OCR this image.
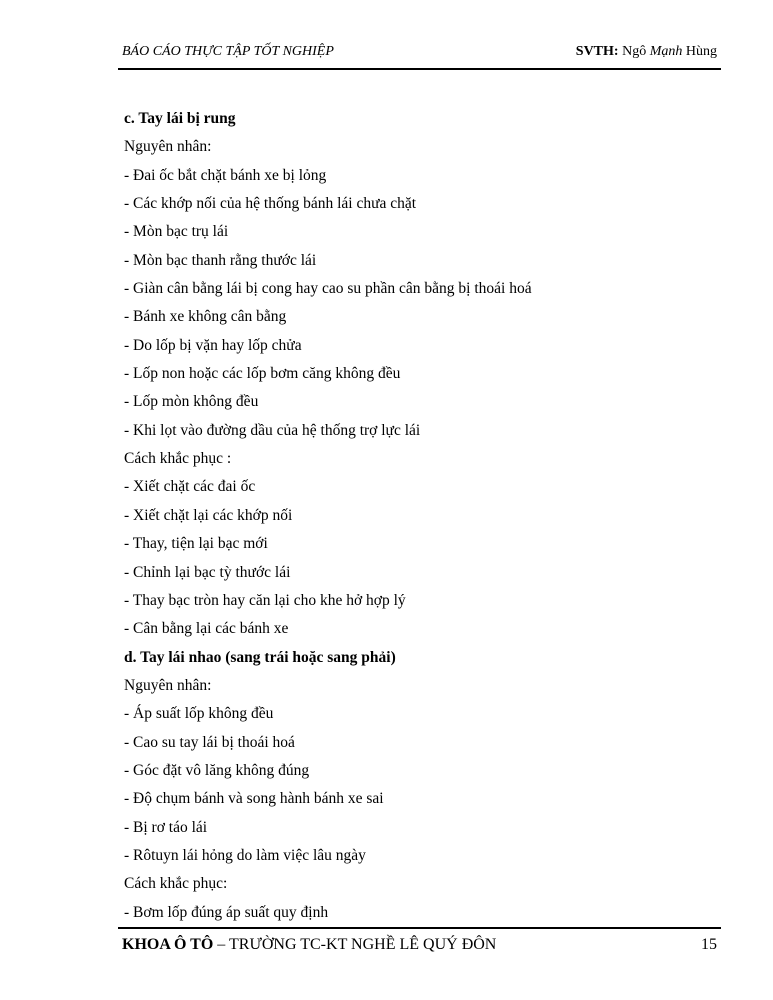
BÁO CÁO THỰC TẬP TỐT NGHIỆP	SVTH: Ngô Mạnh Hùng
c. Tay lái bị rung
Nguyên nhân:
- Đai ốc bắt chặt bánh xe bị lỏng
- Các khớp nối của hệ thống bánh lái chưa chặt
- Mòn bạc trụ lái
- Mòn bạc thanh rằng thước lái
- Giàn cân bằng lái bị cong hay cao su phần cân bằng bị thoái hoá
- Bánh xe không cân bằng
- Do lốp bị vặn hay lốp chửa
- Lốp non hoặc các lốp bơm căng không đều
- Lốp mòn không đều
- Khi lọt vào đường dầu của hệ thống trợ lực lái
Cách khắc phục :
- Xiết chặt các đai ốc
- Xiết chặt lại các khớp nối
- Thay, tiện lại bạc mới
- Chỉnh lại bạc tỳ thước lái
- Thay bạc tròn hay căn lại cho khe hở hợp lý
- Cân bằng lại các bánh xe
d. Tay lái nhao (sang trái hoặc sang phải)
Nguyên nhân:
- Áp suất lốp không đều
- Cao su tay lái bị thoái hoá
- Góc đặt vô lăng không đúng
- Độ chụm bánh và song hành bánh xe sai
- Bị rơ táo lái
- Rôtuyn lái hỏng do làm việc lâu ngày
Cách khắc phục:
- Bơm lốp đúng áp suất quy định
KHOA Ô TÔ – TRƯỜNG TC-KT NGHỀ LÊ QUÝ ĐÔN	15
